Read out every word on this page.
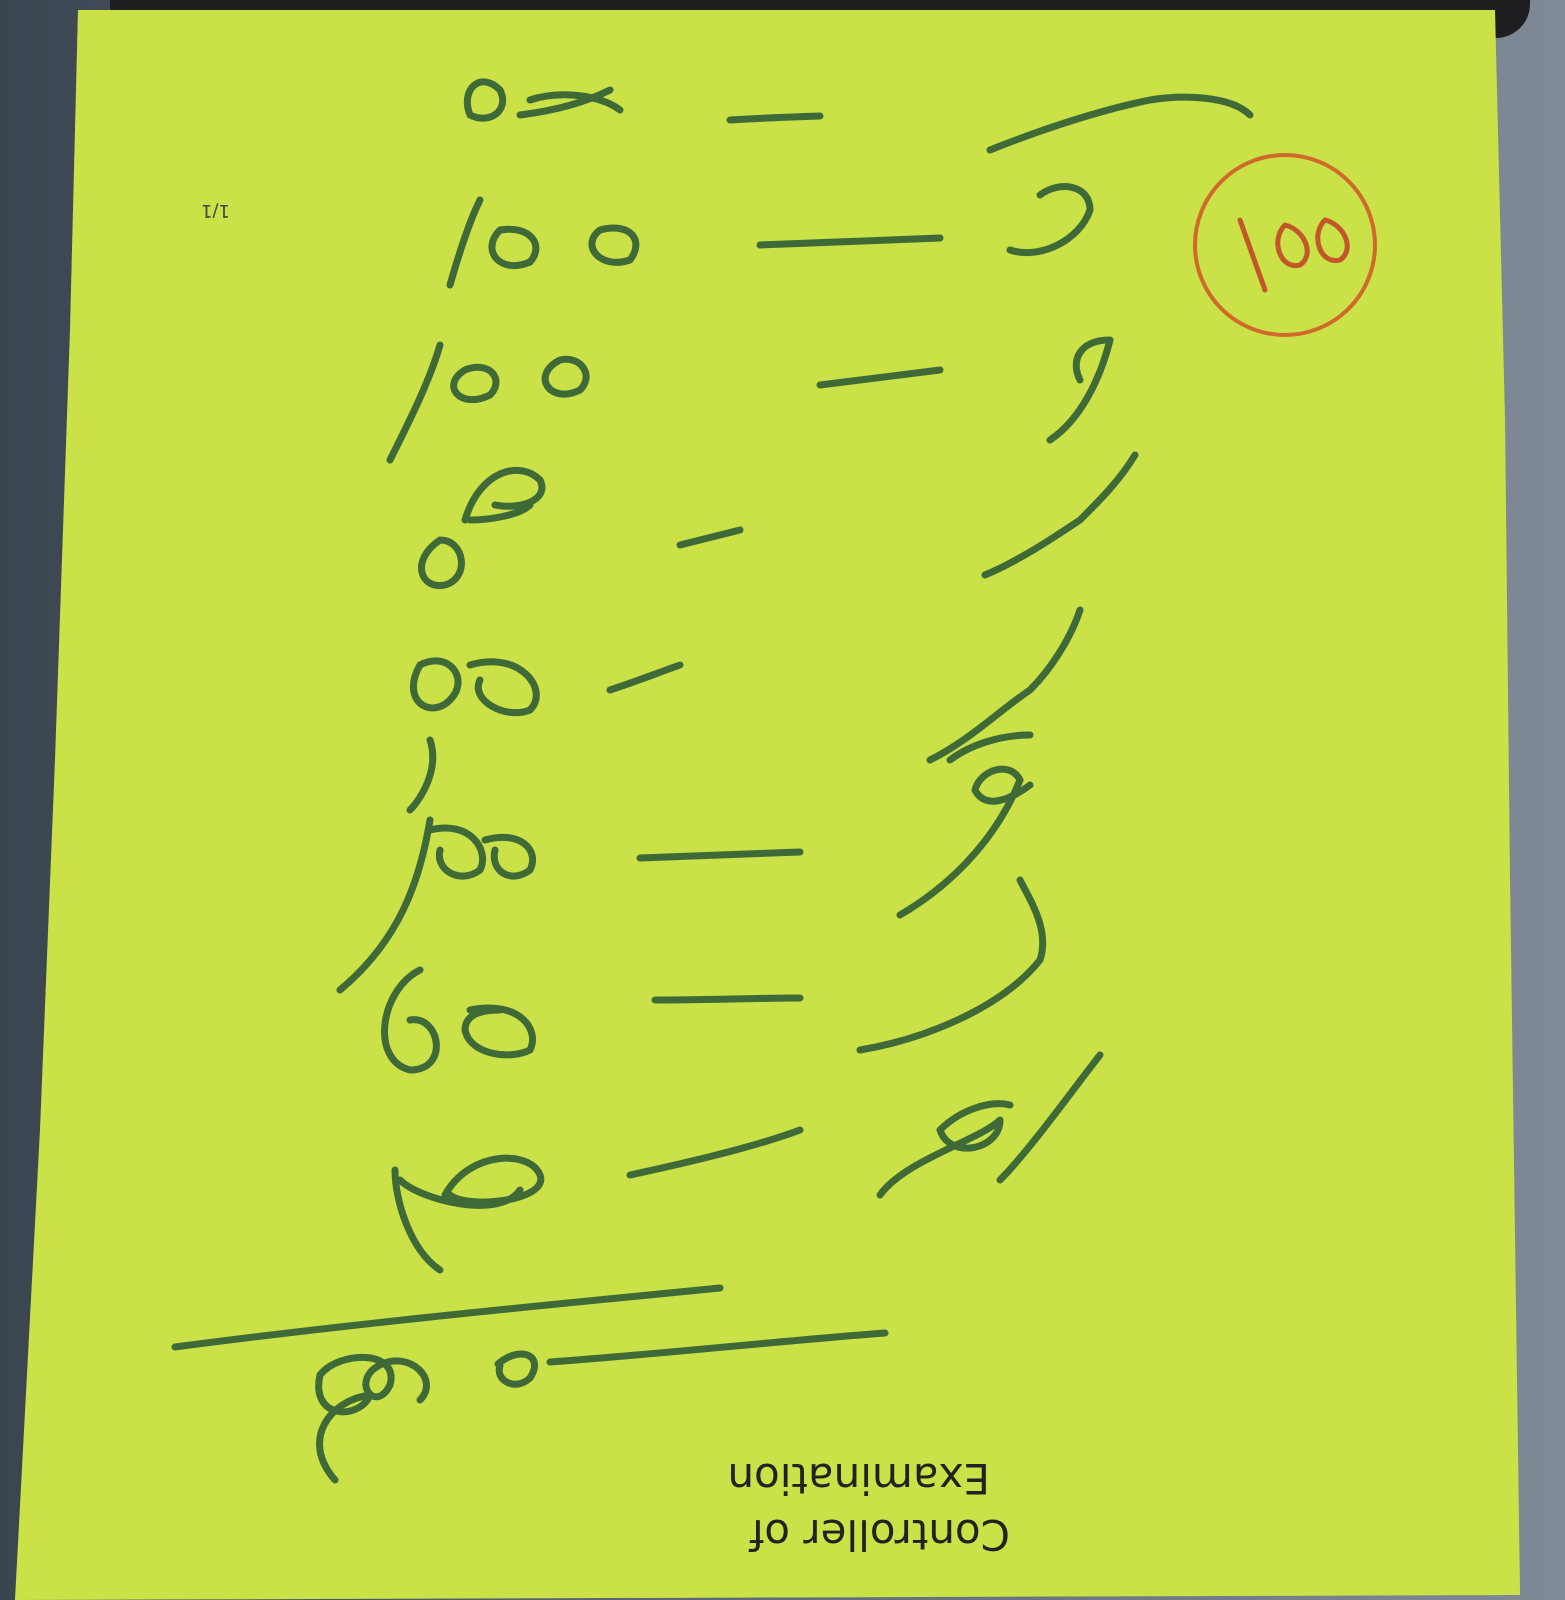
Controller of
Examination
1/1
